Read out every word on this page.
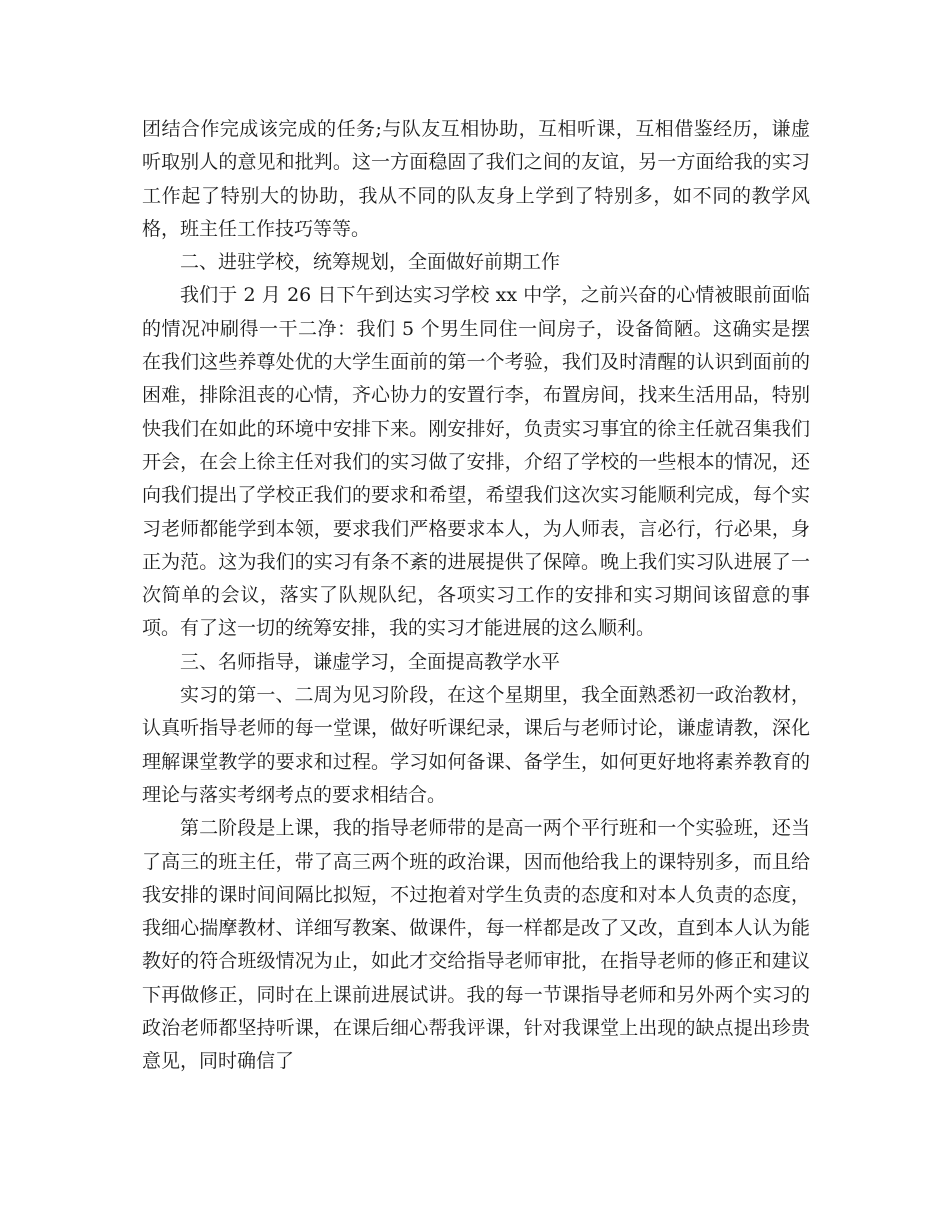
团结合作完成该完成的任务;与队友互相协助，互相听课，互相借鉴经历，谦虚听取别人的意见和批判。这一方面稳固了我们之间的友谊，另一方面给我的实习工作起了特别大的协助，我从不同的队友身上学到了特别多，如不同的教学风格，班主任工作技巧等等。

二、进驻学校，统筹规划，全面做好前期工作

我们于 2 月 26 日下午到达实习学校 xx 中学，之前兴奋的心情被眼前面临的情况冲刷得一干二净：我们 5 个男生同住一间房子，设备简陋。这确实是摆在我们这些养尊处优的大学生面前的第一个考验，我们及时清醒的认识到面前的困难，排除沮丧的心情，齐心协力的安置行李，布置房间，找来生活用品，特别快我们在如此的环境中安排下来。刚安排好，负责实习事宜的徐主任就召集我们开会，在会上徐主任对我们的实习做了安排，介绍了学校的一些根本的情况，还向我们提出了学校正我们的要求和希望，希望我们这次实习能顺利完成，每个实习老师都能学到本领，要求我们严格要求本人，为人师表，言必行，行必果，身正为范。这为我们的实习有条不紊的进展提供了保障。晚上我们实习队进展了一次简单的会议，落实了队规队纪，各项实习工作的安排和实习期间该留意的事项。有了这一切的统筹安排，我的实习才能进展的这么顺利。

三、名师指导，谦虚学习，全面提高教学水平

实习的第一、二周为见习阶段，在这个星期里，我全面熟悉初一政治教材，认真听指导老师的每一堂课，做好听课纪录，课后与老师讨论，谦虚请教，深化理解课堂教学的要求和过程。学习如何备课、备学生，如何更好地将素养教育的理论与落实考纲考点的要求相结合。

第二阶段是上课，我的指导老师带的是高一两个平行班和一个实验班，还当了高三的班主任，带了高三两个班的政治课，因而他给我上的课特别多，而且给我安排的课时间间隔比拟短，不过抱着对学生负责的态度和对本人负责的态度，我细心揣摩教材、详细写教案、做课件，每一样都是改了又改，直到本人认为能教好的符合班级情况为止，如此才交给指导老师审批，在指导老师的修正和建议下再做修正，同时在上课前进展试讲。我的每一节课指导老师和另外两个实习的政治老师都坚持听课，在课后细心帮我评课，针对我课堂上出现的缺点提出珍贵意见，同时确信了
